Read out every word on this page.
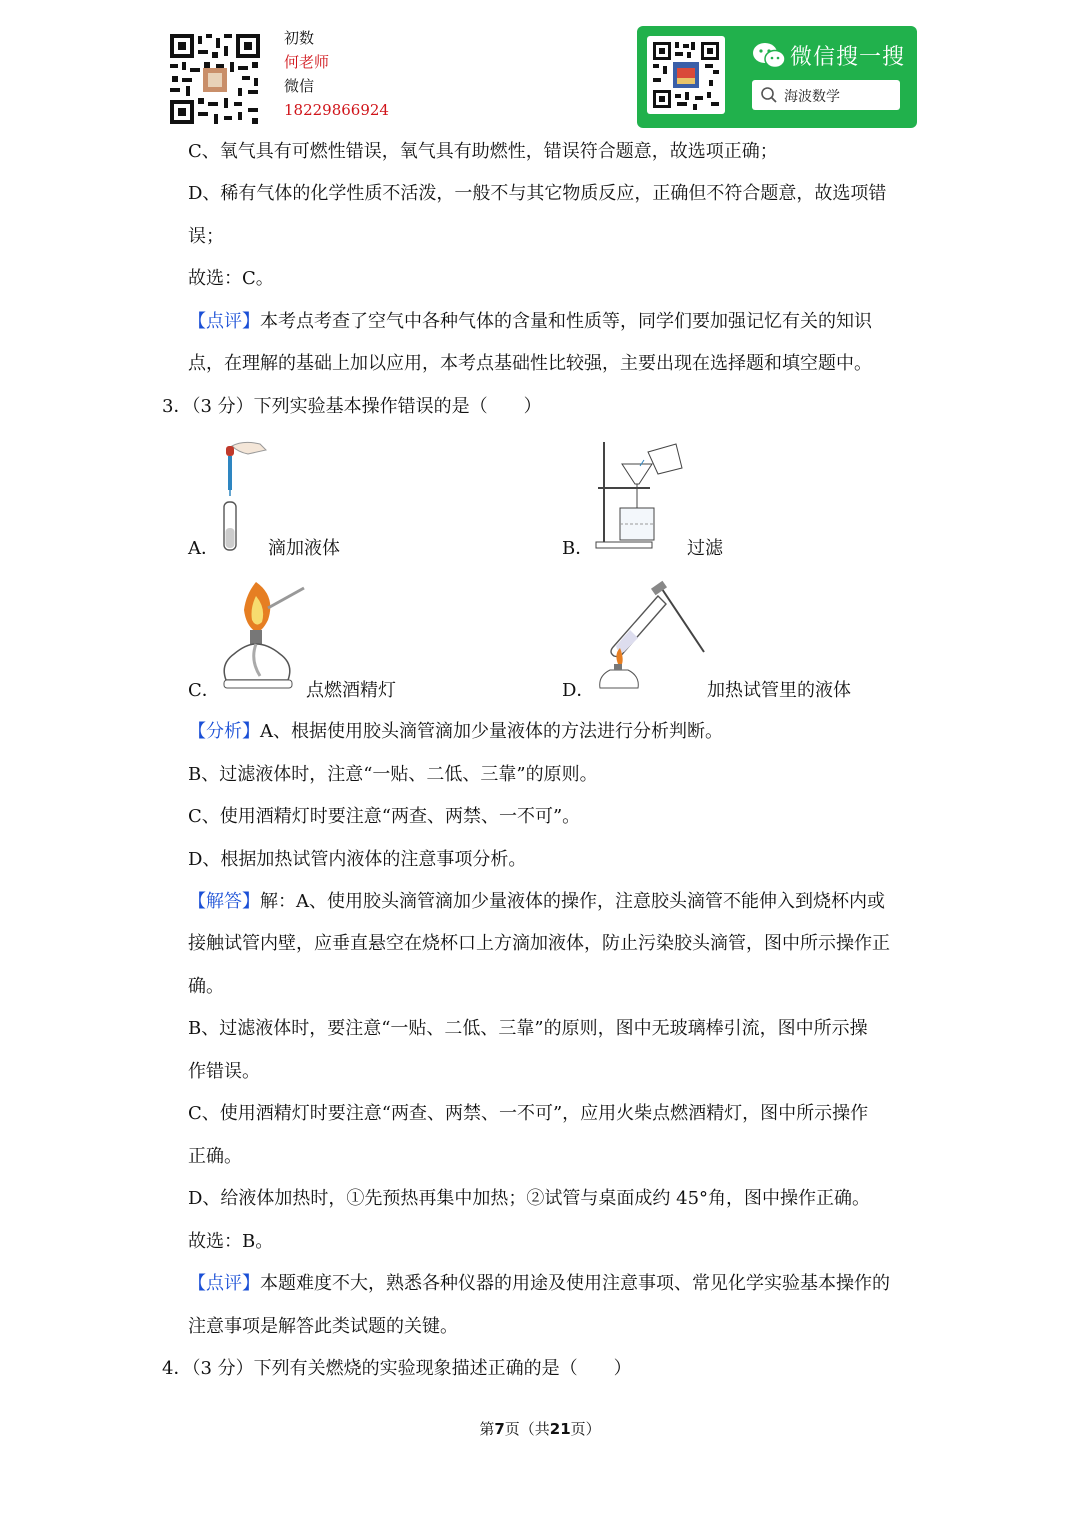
初数
何老师
微信
18229866924
微信搜一搜
海波数学
C、氧气具有可燃性错误，氧气具有助燃性，错误符合题意，故选项正确；
D、稀有气体的化学性质不活泼，一般不与其它物质反应，正确但不符合题意，故选项错
误；
故选：C。
【点评】本考点考查了空气中各种气体的含量和性质等，同学们要加强记忆有关的知识
点，在理解的基础上加以应用，本考点基础性比较强，主要出现在选择题和填空题中。
3．（3 分）下列实验基本操作错误的是（　　）
A．	滴加液体	B．	过滤
C．	点燃酒精灯	D．	加热试管里的液体
【分析】A、根据使用胶头滴管滴加少量液体的方法进行分析判断。
B、过滤液体时，注意“一贴、二低、三靠”的原则。
C、使用酒精灯时要注意“两查、两禁、一不可”。
D、根据加热试管内液体的注意事项分析。
【解答】解：A、使用胶头滴管滴加少量液体的操作，注意胶头滴管不能伸入到烧杯内或
接触试管内壁，应垂直悬空在烧杯口上方滴加液体，防止污染胶头滴管，图中所示操作正
确。
B、过滤液体时，要注意“一贴、二低、三靠”的原则，图中无玻璃棒引流，图中所示操
作错误。
C、使用酒精灯时要注意“两查、两禁、一不可”，应用火柴点燃酒精灯，图中所示操作
正确。
D、给液体加热时，①先预热再集中加热；②试管与桌面成约 45°角，图中操作正确。
故选：B。
【点评】本题难度不大，熟悉各种仪器的用途及使用注意事项、常见化学实验基本操作的
注意事项是解答此类试题的关键。
4．（3 分）下列有关燃烧的实验现象描述正确的是（　　）
第7页（共21页）
